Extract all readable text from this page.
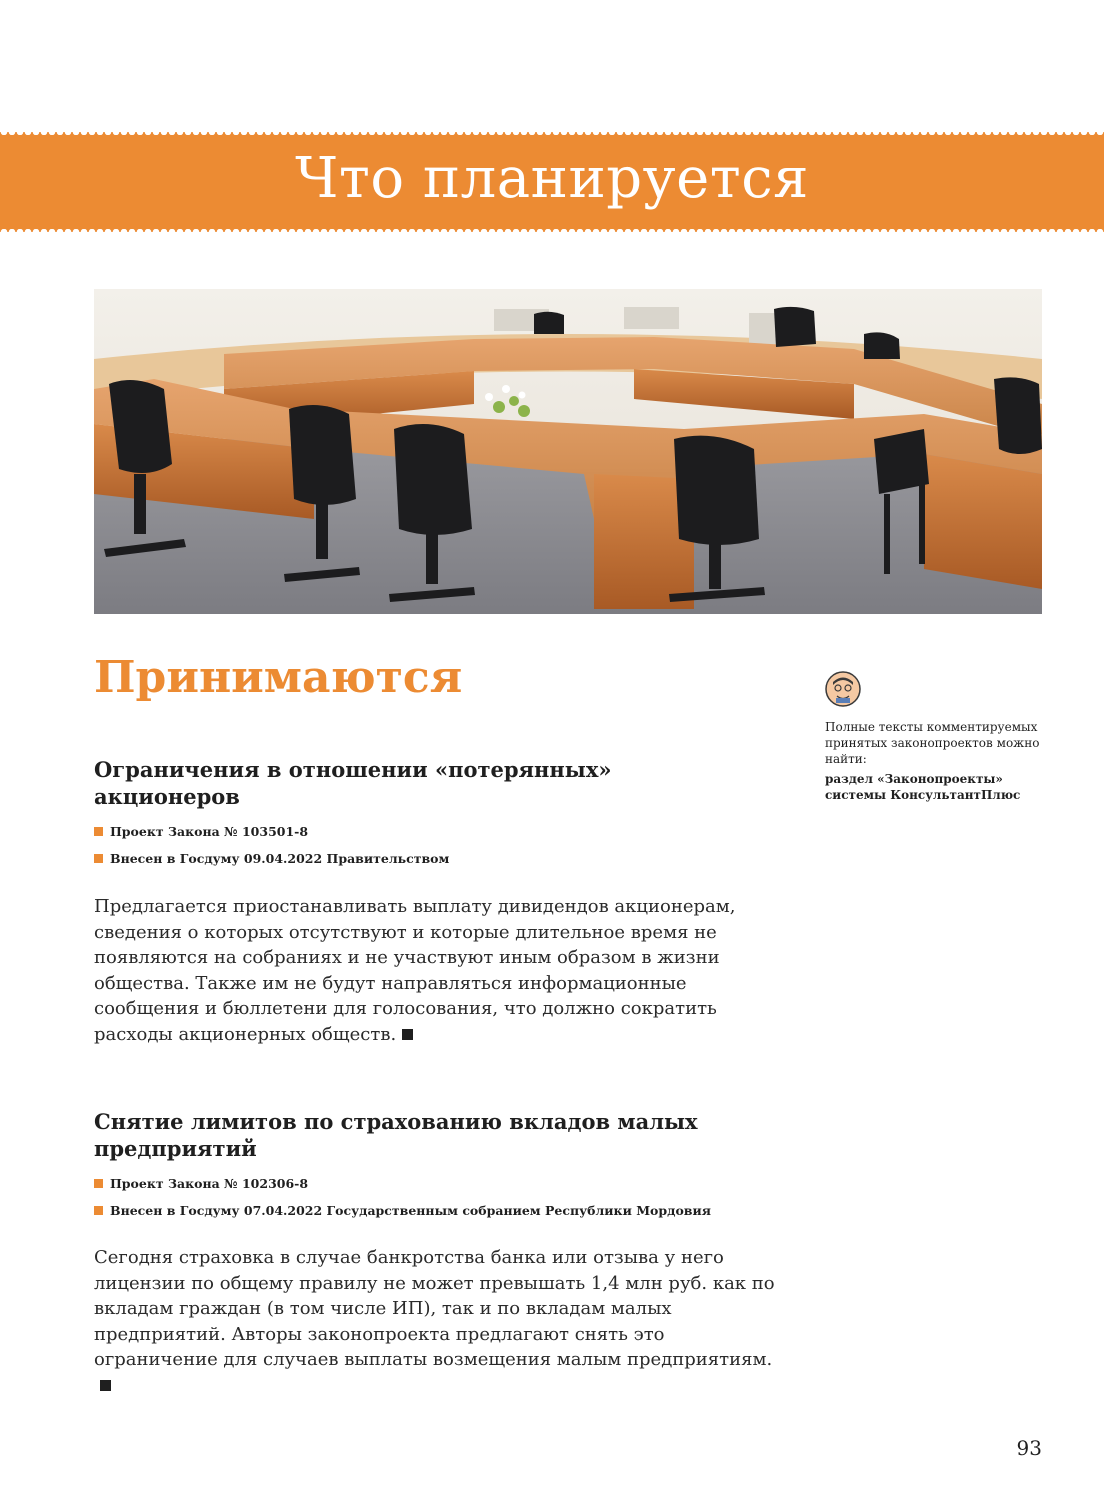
Что планируется
Принимаются
Полные тексты комментируемых принятых законопроектов можно найти:
раздел «Законопроекты» системы КонсультантПлюс
Ограничения в отношении «потерянных» акционеров
Проект Закона № 103501-8
Внесен в Госдуму 09.04.2022 Правительством
Предлагается приостанавливать выплату дивидендов акционерам, сведения о которых отсутствуют и которые длительное время не появляются на собраниях и не участвуют иным образом в жизни общества. Также им не будут направляться информационные сообщения и бюллетени для голосования, что должно сократить расходы акционерных обществ.
Снятие лимитов по страхованию вкладов малых предприятий
Проект Закона № 102306-8
Внесен в Госдуму 07.04.2022 Государственным собранием Республики Мордовия
Сегодня страховка в случае банкротства банка или отзыва у него лицензии по общему правилу не может превышать 1,4 млн руб. как по вкладам граждан (в том числе ИП), так и по вкладам малых предприятий. Авторы законопроекта предлагают снять это ограничение для случаев выплаты возмещения малым предприятиям.
93
